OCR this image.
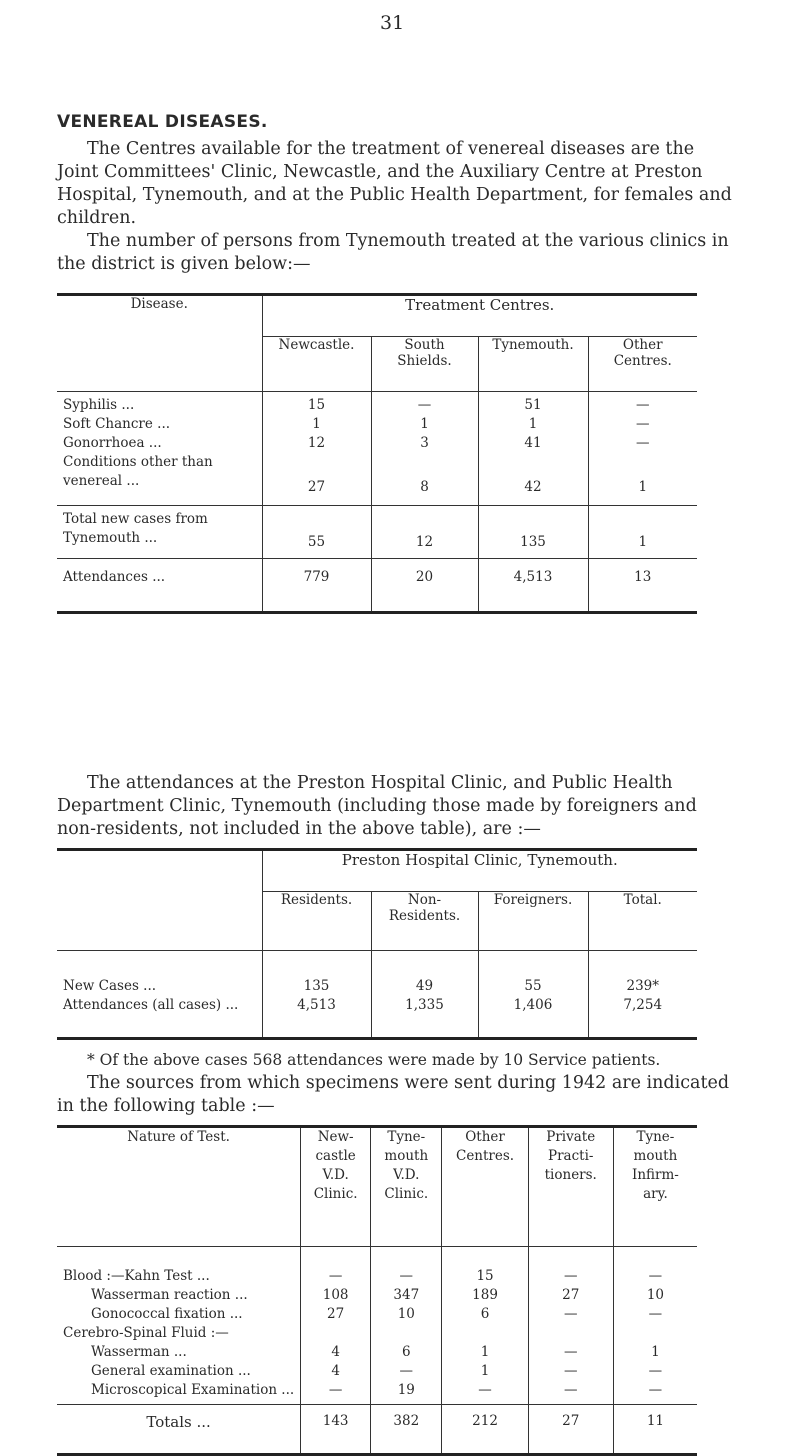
31
VENEREAL DISEASES.
The Centres available for the treatment of venereal diseases are the Joint Committees' Clinic, Newcastle, and the Auxiliary Centre at Preston Hospital, Tynemouth, and at the Public Health Department, for females and children.
The number of persons from Tynemouth treated at the various clinics in the district is given below:—
Disease.	Treatment Centres.			
	Newcastle.	South Shields.	Tynemouth.	Other Centres.
Syphilis ...	15	—	51	—
Soft Chancre ...	1	1	1	—
Gonorrhoea ...	12	3	41	—
Conditions other than venereal ...	27	8	42	1
Total new cases from Tynemouth ...	55	12	135	1
Attendances ...	779	20	4,513	13
The attendances at the Preston Hospital Clinic, and Public Health Department Clinic, Tynemouth (including those made by foreigners and non-residents, not included in the above table), are :—
	Preston Hospital Clinic, Tynemouth.			
	Residents.	Non-Residents.	Foreigners.	Total.
New Cases ...	135	49	55	239*
Attendances (all cases) ...	4,513	1,335	1,406	7,254
* Of the above cases 568 attendances were made by 10 Service patients.
The sources from which specimens were sent during 1942 are indicated in the following table :—
Nature of Test.	New-castle V.D. Clinic.	Tyne-mouth V.D. Clinic.	Other Centres.	Private Practi-tioners.	Tyne-mouth Infirm-ary.
Blood :—Kahn Test ...	—	—	15	—	—
Wasserman reaction ...	108	347	189	27	10
Gonococcal fixation ...	27	10	6	—	—
Cerebro-Spinal Fluid :—					
Wasserman ...	4	6	1	—	1
General examination ...	4	—	1	—	—
Microscopical Examination ...	—	19	—	—	—
Totals ...	143	382	212	27	11
